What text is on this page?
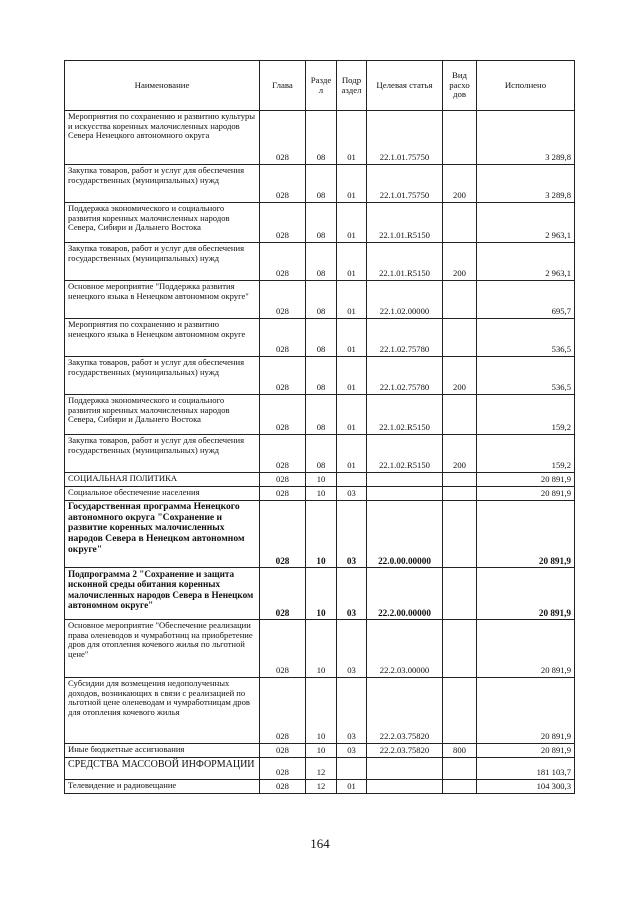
Наименование	Глава	Разде л	Подр аздел	Целевая статья	Вид расхо дов	Исполнено
Мероприятия по сохранению и развитию культуры и искусства коренных малочисленных народов Севера Ненецкого автономного округа	028	08	01	22.1.01.75750		3 289,8
Закупка товаров, работ и услуг для обеспечения государственных (муниципальных) нужд	028	08	01	22.1.01.75750	200	3 289,8
Поддержка экономического и социального развития коренных малочисленных народов Севера, Сибири и Дальнего Востока	028	08	01	22.1.01.R5150		2 963,1
Закупка товаров, работ и услуг для обеспечения государственных (муниципальных) нужд	028	08	01	22.1.01.R5150	200	2 963,1
Основное мероприятие "Поддержка развития ненецкого языка в Ненецком автономном округе"	028	08	01	22.1.02.00000		695,7
Мероприятия по сохранению и развитию ненецкого языка в Ненецком автономном округе	028	08	01	22.1.02.75780		536,5
Закупка товаров, работ и услуг для обеспечения государственных (муниципальных) нужд	028	08	01	22.1.02.75780	200	536,5
Поддержка экономического и социального развития коренных малочисленных народов Севера, Сибири и Дальнего Востока	028	08	01	22.1.02.R5150		159,2
Закупка товаров, работ и услуг для обеспечения государственных (муниципальных) нужд	028	08	01	22.1.02.R5150	200	159,2
СОЦИАЛЬНАЯ ПОЛИТИКА	028	10				20 891,9
Социальное обеспечение населения	028	10	03			20 891,9
Государственная программа Ненецкого автономного округа "Сохранение и развитие коренных малочисленных народов Севера в Ненецком автономном округе"	028	10	03	22.0.00.00000		20 891,9
Подпрограмма 2 "Сохранение и защита исконной среды обитания коренных малочисленных народов Севера в Ненецком автономном округе"	028	10	03	22.2.00.00000		20 891,9
Основное мероприятие "Обеспечение реализации права оленеводов и чумработниц на приобретение дров для отопления кочевого жилья по льготной цене"	028	10	03	22.2.03.00000		20 891,9
Субсидии для возмещения недополученных доходов, возникающих в связи с реализацией по льготной цене оленеводам и чумработницам дров для отопления кочевого жилья	028	10	03	22.2.03.75820		20 891,9
Иные бюджетные ассигнования	028	10	03	22.2.03.75820	800	20 891,9
СРЕДСТВА МАССОВОЙ ИНФОРМАЦИИ	028	12				181 103,7
Телевидение и радиовещание	028	12	01			104 300,3
164
